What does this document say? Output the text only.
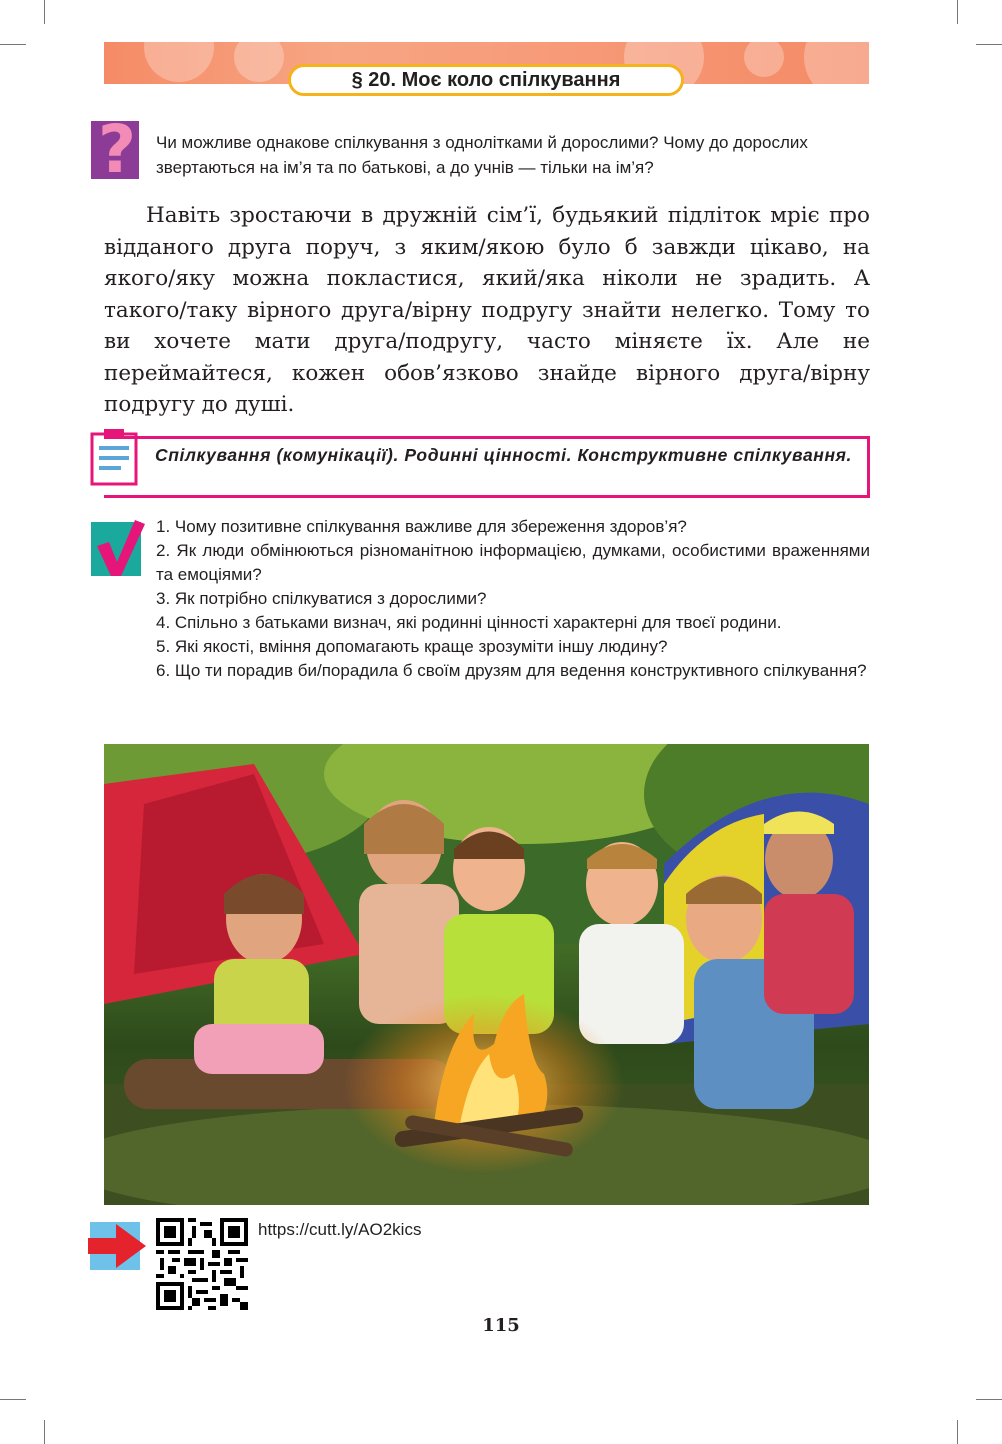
§ 20. Моє коло спілкування
?	Чи можливе однакове спілкування з однолітками й дорослими? Чому до дорослих звертаються на ім’я та по батькові, а до учнів — тільки на ім’я?
Навіть зростаючи в дружній сім’ї, будьякий підліток мріє про відданого друга поруч, з яким/якою було б завжди цікаво, на якого/яку можна покластися, який/яка ніколи не зрадить. А такого/таку вірного друга/вірну подругу знайти нелегко. Тому то ви хочете мати друга/подругу, часто міняєте їх. Але не переймайтеся, кожен обов’язково знайде вірного друга/вірну подругу до душі.
Спілкування (комунікації). Родинні цінності. Конструктивне спілкування.
1. Чому позитивне спілкування важливе для збереження здоров’я?
2. Як люди обмінюються різноманітною інформацією, думками, особистими враженнями та емоціями?
3. Як потрібно спілкуватися з дорослими?
4. Спільно з батьками визнач, які родинні цінності характерні для твоєї родини.
5. Які якості, вміння допомагають краще зрозуміти іншу людину?
6. Що ти порадив би/порадила б своїм друзям для ведення конструктивного спілкування?
https://cutt.ly/AO2kics
115
